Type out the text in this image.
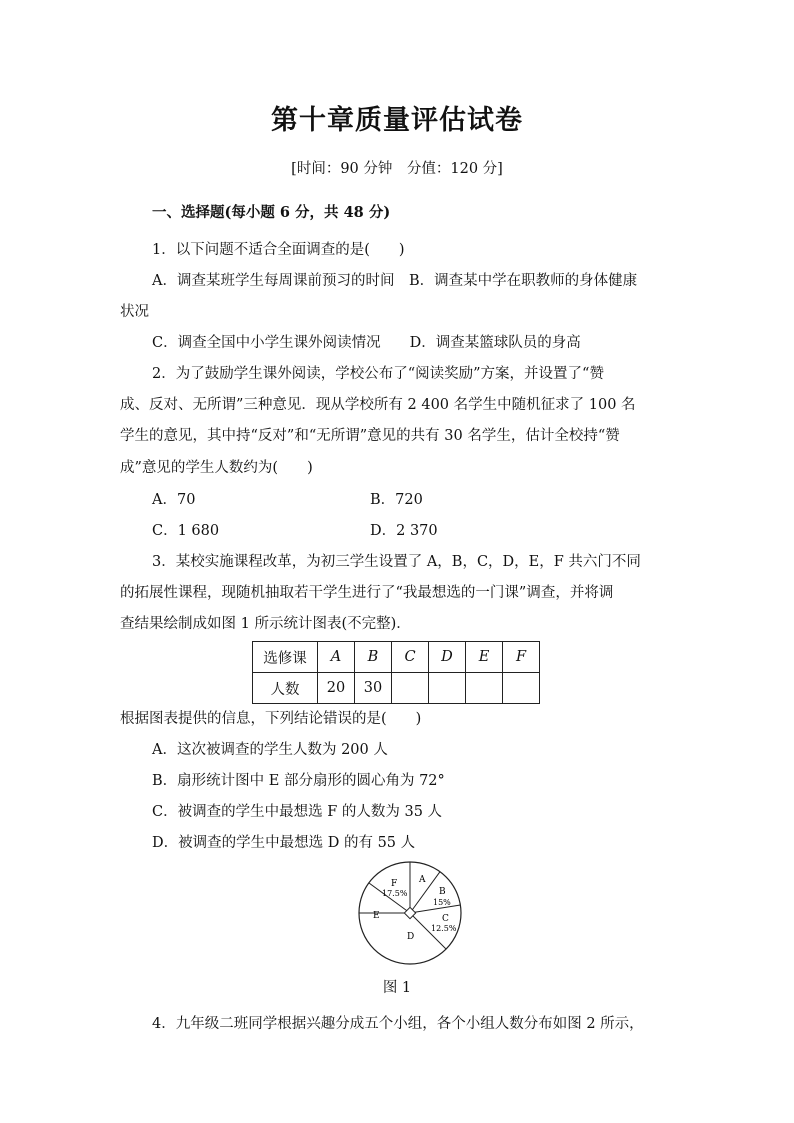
第十章质量评估试卷
[时间：90 分钟　分值：120 分]
一、选择题(每小题 6 分，共 48 分)
1．以下问题不适合全面调查的是(　　)
A．调查某班学生每周课前预习的时间　B．调查某中学在职教师的身体健康
状况
C．调查全国中小学生课外阅读情况　　D．调查某篮球队员的身高
2．为了鼓励学生课外阅读，学校公布了“阅读奖励”方案，并设置了“赞
成、反对、无所谓”三种意见．现从学校所有 2 400 名学生中随机征求了 100 名
学生的意见，其中持“反对”和“无所谓”意见的共有 30 名学生，估计全校持“赞
成”意见的学生人数约为(　　)
A．70	B．720
C．1 680	D．2 370
3．某校实施课程改革，为初三学生设置了 A，B，C，D，E，F 共六门不同
的拓展性课程，现随机抽取若干学生进行了“我最想选的一门课”调查，并将调
查结果绘制成如图 1 所示统计图表(不完整)．
选修课	A	B	C	D	E	F
人数	20	30				
根据图表提供的信息，下列结论错误的是(　　)
A．这次被调查的学生人数为 200 人
B．扇形统计图中 E 部分扇形的圆心角为 72°
C．被调查的学生中最想选 F 的人数为 35 人
D．被调查的学生中最想选 D 的有 55 人
A
B
15%
C
12.5%
D
E
F
17.5%
图 1
4．九年级二班同学根据兴趣分成五个小组，各个小组人数分布如图 2 所示，
